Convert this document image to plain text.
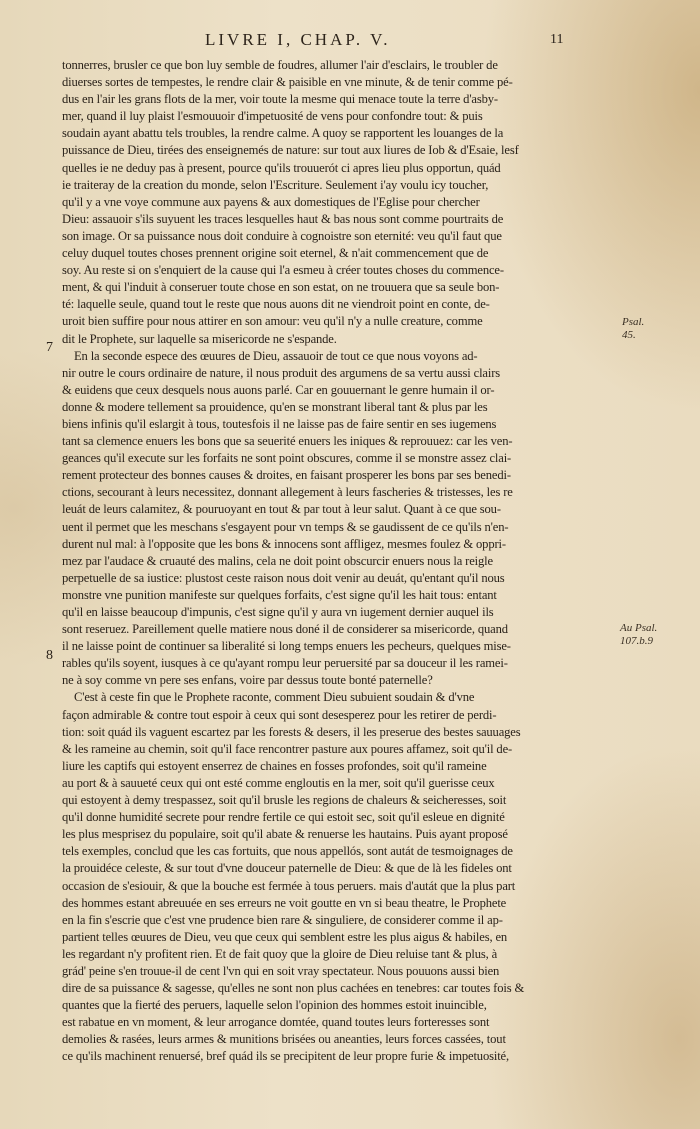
LIVRE I, CHAP. V.	11
7
8
Psal.
45.
Au Psal.
107.b.9
tonnerres, brusler ce que bon luy semble de foudres, allumer l'air d'esclairs, le troubler de
diuerses sortes de tempestes, le rendre clair & paisible en vne minute, & de tenir comme pé-
dus en l'air les grans flots de la mer, voir toute la mesme qui menace toute la terre d'asby-
mer, quand il luy plaist l'esmouuoir d'impetuosité de vens pour confondre tout: & puis
soudain ayant abattu tels troubles, la rendre calme. A quoy se rapportent les louanges de la
puissance de Dieu, tirées des enseignemés de nature: sur tout aux liures de Iob & d'Esaie, lesf
quelles ie ne deduy pas à present, pource qu'ils trouuerót ci apres lieu plus opportun, quád
ie traiteray de la creation du monde, selon l'Escriture. Seulement i'ay voulu icy toucher,
qu'il y a vne voye commune aux payens & aux domestiques de l'Eglise pour chercher
Dieu: assauoir s'ils suyuent les traces lesquelles haut & bas nous sont comme pourtraits de
son image. Or sa puissance nous doit conduire à cognoistre son eternité: veu qu'il faut que
celuy duquel toutes choses prennent origine soit eternel, & n'ait commencement que de
soy. Au reste si on s'enquiert de la cause qui l'a esmeu à créer toutes choses du commence-
ment, & qui l'induit à conseruer toute chose en son estat, on ne trouuera que sa seule bon-
té: laquelle seule, quand tout le reste que nous auons dit ne viendroit point en conte, de-
uroit bien suffire pour nous attirer en son amour: veu qu'il n'y a nulle creature, comme
dit le Prophete, sur laquelle sa misericorde ne s'espande.
En la seconde espece des œuures de Dieu, assauoir de tout ce que nous voyons ad-
nir outre le cours ordinaire de nature, il nous produit des argumens de sa vertu aussi clairs
& euidens que ceux desquels nous auons parlé. Car en gouuernant le genre humain il or-
donne & modere tellement sa prouidence, qu'en se monstrant liberal tant & plus par les
biens infinis qu'il eslargit à tous, toutesfois il ne laisse pas de faire sentir en ses iugemens
tant sa clemence enuers les bons que sa seuerité enuers les iniques & reprouuez: car les ven-
geances qu'il execute sur les forfaits ne sont point obscures, comme il se monstre assez clai-
rement protecteur des bonnes causes & droites, en faisant prosperer les bons par ses benedi-
ctions, secourant à leurs necessitez, donnant allegement à leurs fascheries & tristesses, les re
leuát de leurs calamitez, & pouruoyant en tout & par tout à leur salut. Quant à ce que sou-
uent il permet que les meschans s'esgayent pour vn temps & se gaudissent de ce qu'ils n'en-
durent nul mal: à l'opposite que les bons & innocens sont affligez, mesmes foulez & oppri-
mez par l'audace & cruauté des malins, cela ne doit point obscurcir enuers nous la reigle
perpetuelle de sa iustice: plustost ceste raison nous doit venir au deuát, qu'entant qu'il nous
monstre vne punition manifeste sur quelques forfaits, c'est signe qu'il les hait tous: entant
qu'il en laisse beaucoup d'impunis, c'est signe qu'il y aura vn iugement dernier auquel ils
sont reseruez. Pareillement quelle matiere nous doné il de considerer sa misericorde, quand
il ne laisse point de continuer sa liberalité si long temps enuers les pecheurs, quelques mise-
rables qu'ils soyent, iusques à ce qu'ayant rompu leur peruersité par sa douceur il les ramei-
ne à soy comme vn pere ses enfans, voire par dessus toute bonté paternelle?
C'est à ceste fin que le Prophete raconte, comment Dieu subuient soudain & d'vne
façon admirable & contre tout espoir à ceux qui sont desesperez pour les retirer de perdi-
tion: soit quád ils vaguent escartez par les forests & desers, il les preserue des bestes sauuages
& les rameine au chemin, soit qu'il face rencontrer pasture aux poures affamez, soit qu'il de-
liure les captifs qui estoyent enserrez de chaines en fosses profondes, soit qu'il rameine
au port & à sauueté ceux qui ont esté comme engloutis en la mer, soit qu'il guerisse ceux
qui estoyent à demy trespassez, soit qu'il brusle les regions de chaleurs & seicheresses, soit
qu'il donne humidité secrete pour rendre fertile ce qui estoit sec, soit qu'il esleue en dignité
les plus mesprisez du populaire, soit qu'il abate & renuerse les hautains. Puis ayant proposé
tels exemples, conclud que les cas fortuits, que nous appellós, sont autát de tesmoignages de
la prouidéce celeste, & sur tout d'vne douceur paternelle de Dieu: & que de là les fideles ont
occasion de s'esiouir, & que la bouche est fermée à tous peruers. mais d'autát que la plus part
des hommes estant abreuuée en ses erreurs ne voit goutte en vn si beau theatre, le Prophete
en la fin s'escrie que c'est vne prudence bien rare & singuliere, de considerer comme il ap-
partient telles œuures de Dieu, veu que ceux qui semblent estre les plus aigus & habiles, en
les regardant n'y profitent rien. Et de fait quoy que la gloire de Dieu reluise tant & plus, à
grád' peine s'en trouue-il de cent l'vn qui en soit vray spectateur. Nous pouuons aussi bien
dire de sa puissance & sagesse, qu'elles ne sont non plus cachées en tenebres: car toutes fois &
quantes que la fierté des peruers, laquelle selon l'opinion des hommes estoit inuincible,
est rabatue en vn moment, & leur arrogance domtée, quand toutes leurs forteresses sont
demolies & rasées, leurs armes & munitions brisées ou aneanties, leurs forces cassées, tout
ce qu'ils machinent renuersé, bref quád ils se precipitent de leur propre furie & impetuosité,
